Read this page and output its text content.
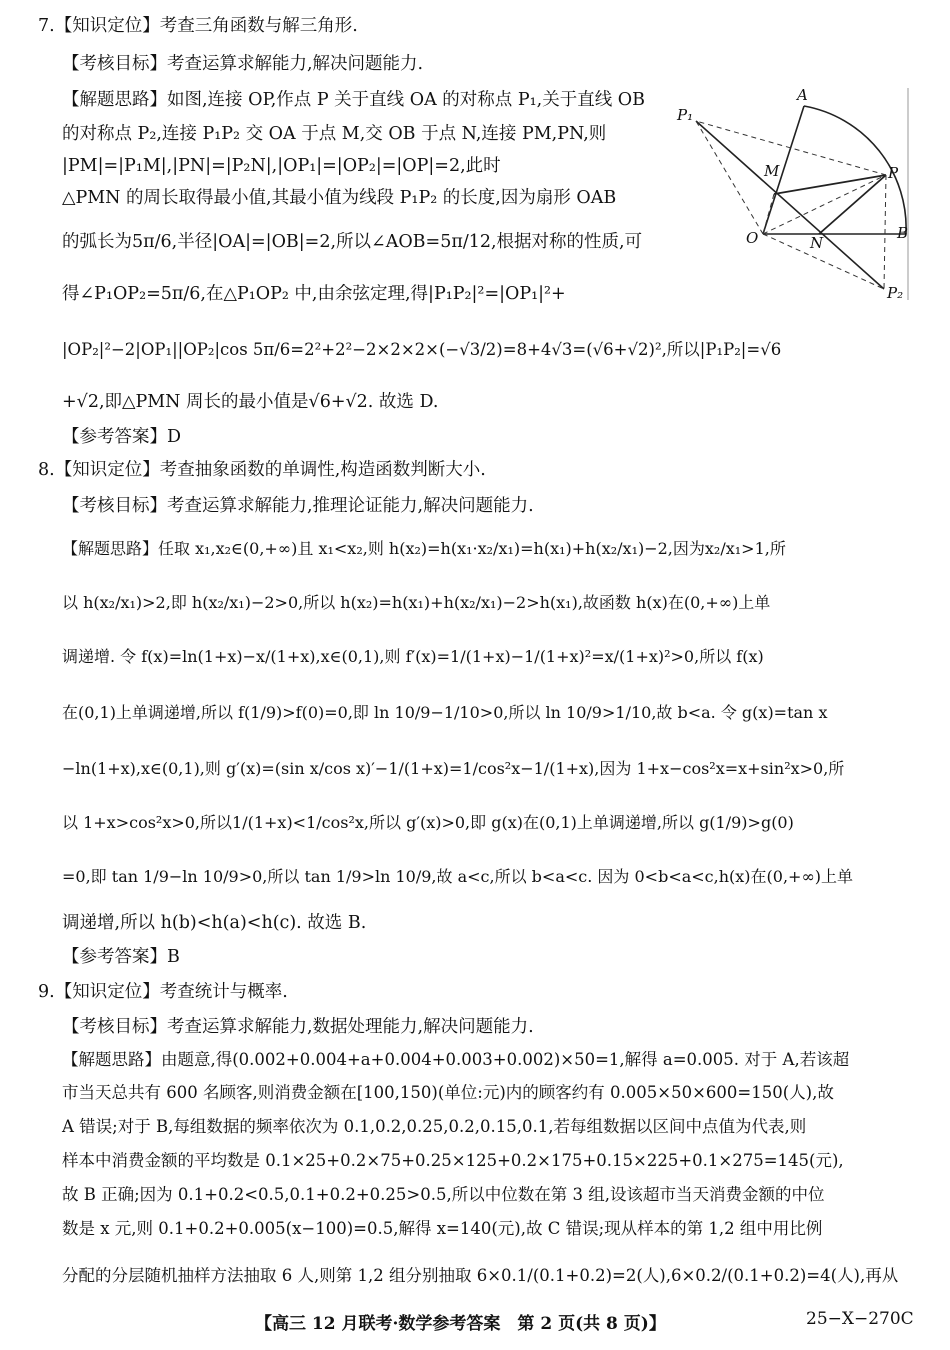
7.【知识定位】考查三角函数与解三角形.
【考核目标】考查运算求解能力,解决问题能力.
【解题思路】如图,连接 OP,作点 P 关于直线 OA 的对称点 P₁,关于直线 OB
的对称点 P₂,连接 P₁P₂ 交 OA 于点 M,交 OB 于点 N,连接 PM,PN,则
|PM|=|P₁M|,|PN|=|P₂N|,|OP₁|=|OP₂|=|OP|=2,此时
△PMN 的周长取得最小值,其最小值为线段 P₁P₂ 的长度,因为扇形 OAB
的弧长为5π/6,半径|OA|=|OB|=2,所以∠AOB=5π/12,根据对称的性质,可
得∠P₁OP₂=5π/6,在△P₁OP₂ 中,由余弦定理,得|P₁P₂|²=|OP₁|²+
|OP₂|²−2|OP₁||OP₂|cos 5π/6=2²+2²−2×2×2×(−√3/2)=8+4√3=(√6+√2)²,所以|P₁P₂|=√6
+√2,即△PMN 周长的最小值是√6+√2. 故选 D.
【参考答案】D
A
P₁
M	P
O	N
B
P₂
8.【知识定位】考查抽象函数的单调性,构造函数判断大小.
【考核目标】考查运算求解能力,推理论证能力,解决问题能力.
【解题思路】任取 x₁,x₂∈(0,+∞)且 x₁<x₂,则 h(x₂)=h(x₁·x₂/x₁)=h(x₁)+h(x₂/x₁)−2,因为x₂/x₁>1,所
以 h(x₂/x₁)>2,即 h(x₂/x₁)−2>0,所以 h(x₂)=h(x₁)+h(x₂/x₁)−2>h(x₁),故函数 h(x)在(0,+∞)上单
调递增. 令 f(x)=ln(1+x)−x/(1+x),x∈(0,1),则 f′(x)=1/(1+x)−1/(1+x)²=x/(1+x)²>0,所以 f(x)
在(0,1)上单调递增,所以 f(1/9)>f(0)=0,即 ln 10/9−1/10>0,所以 ln 10/9>1/10,故 b<a. 令 g(x)=tan x
−ln(1+x),x∈(0,1),则 g′(x)=(sin x/cos x)′−1/(1+x)=1/cos²x−1/(1+x),因为 1+x−cos²x=x+sin²x>0,所
以 1+x>cos²x>0,所以1/(1+x)<1/cos²x,所以 g′(x)>0,即 g(x)在(0,1)上单调递增,所以 g(1/9)>g(0)
=0,即 tan 1/9−ln 10/9>0,所以 tan 1/9>ln 10/9,故 a<c,所以 b<a<c. 因为 0<b<a<c,h(x)在(0,+∞)上单
调递增,所以 h(b)<h(a)<h(c). 故选 B.
【参考答案】B
9.【知识定位】考查统计与概率.
【考核目标】考查运算求解能力,数据处理能力,解决问题能力.
【解题思路】由题意,得(0.002+0.004+a+0.004+0.003+0.002)×50=1,解得 a=0.005. 对于 A,若该超
市当天总共有 600 名顾客,则消费金额在[100,150)(单位:元)内的顾客约有 0.005×50×600=150(人),故
A 错误;对于 B,每组数据的频率依次为 0.1,0.2,0.25,0.2,0.15,0.1,若每组数据以区间中点值为代表,则
样本中消费金额的平均数是 0.1×25+0.2×75+0.25×125+0.2×175+0.15×225+0.1×275=145(元),
故 B 正确;因为 0.1+0.2<0.5,0.1+0.2+0.25>0.5,所以中位数在第 3 组,设该超市当天消费金额的中位
数是 x 元,则 0.1+0.2+0.005(x−100)=0.5,解得 x=140(元),故 C 错误;现从样本的第 1,2 组中用比例
分配的分层随机抽样方法抽取 6 人,则第 1,2 组分别抽取 6×0.1/(0.1+0.2)=2(人),6×0.2/(0.1+0.2)=4(人),再从
【高三 12 月联考·数学参考答案　第 2 页(共 8 页)】	25−X−270C
